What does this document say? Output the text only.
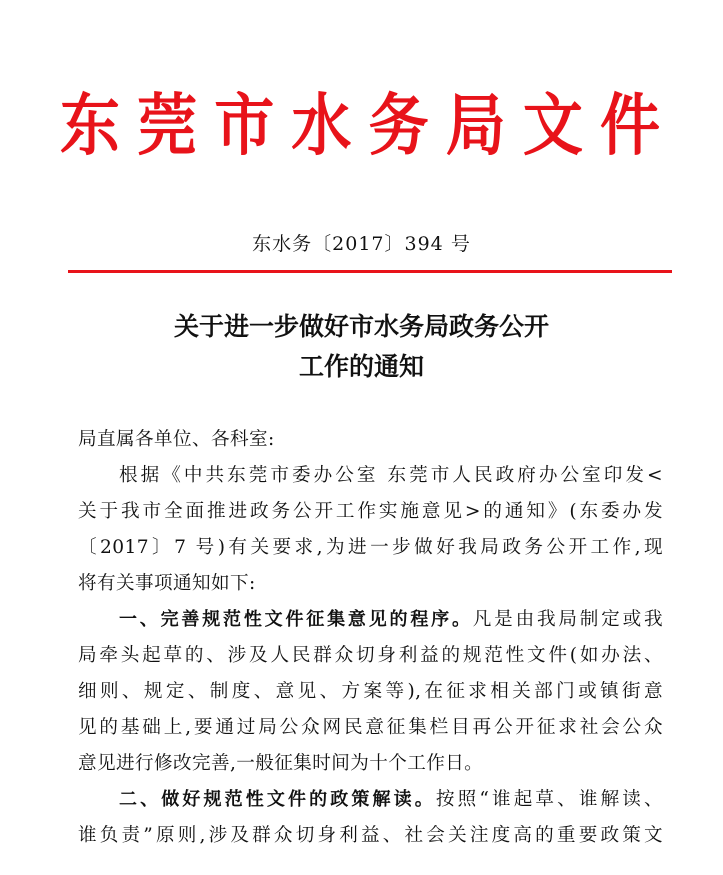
东 莞 市 水 务 局 文 件
东水务〔2017〕394 号
关于进一步做好市水务局政务公开
工作的通知
局直属各单位、各科室:
根据《中共东莞市委办公室 东莞市人民政府办公室印发<
关于我市全面推进政务公开工作实施意见>的通知》(东委办发
〔2017〕7 号)有关要求,为进一步做好我局政务公开工作,现
将有关事项通知如下:
一、完善规范性文件征集意见的程序。凡是由我局制定或我
局牵头起草的、涉及人民群众切身利益的规范性文件(如办法、
细则、规定、制度、意见、方案等),在征求相关部门或镇街意
见的基础上,要通过局公众网民意征集栏目再公开征求社会公众
意见进行修改完善,一般征集时间为十个工作日。
二、做好规范性文件的政策解读。按照“谁起草、谁解读、
谁负责”原则,涉及群众切身利益、社会关注度高的重要政策文
